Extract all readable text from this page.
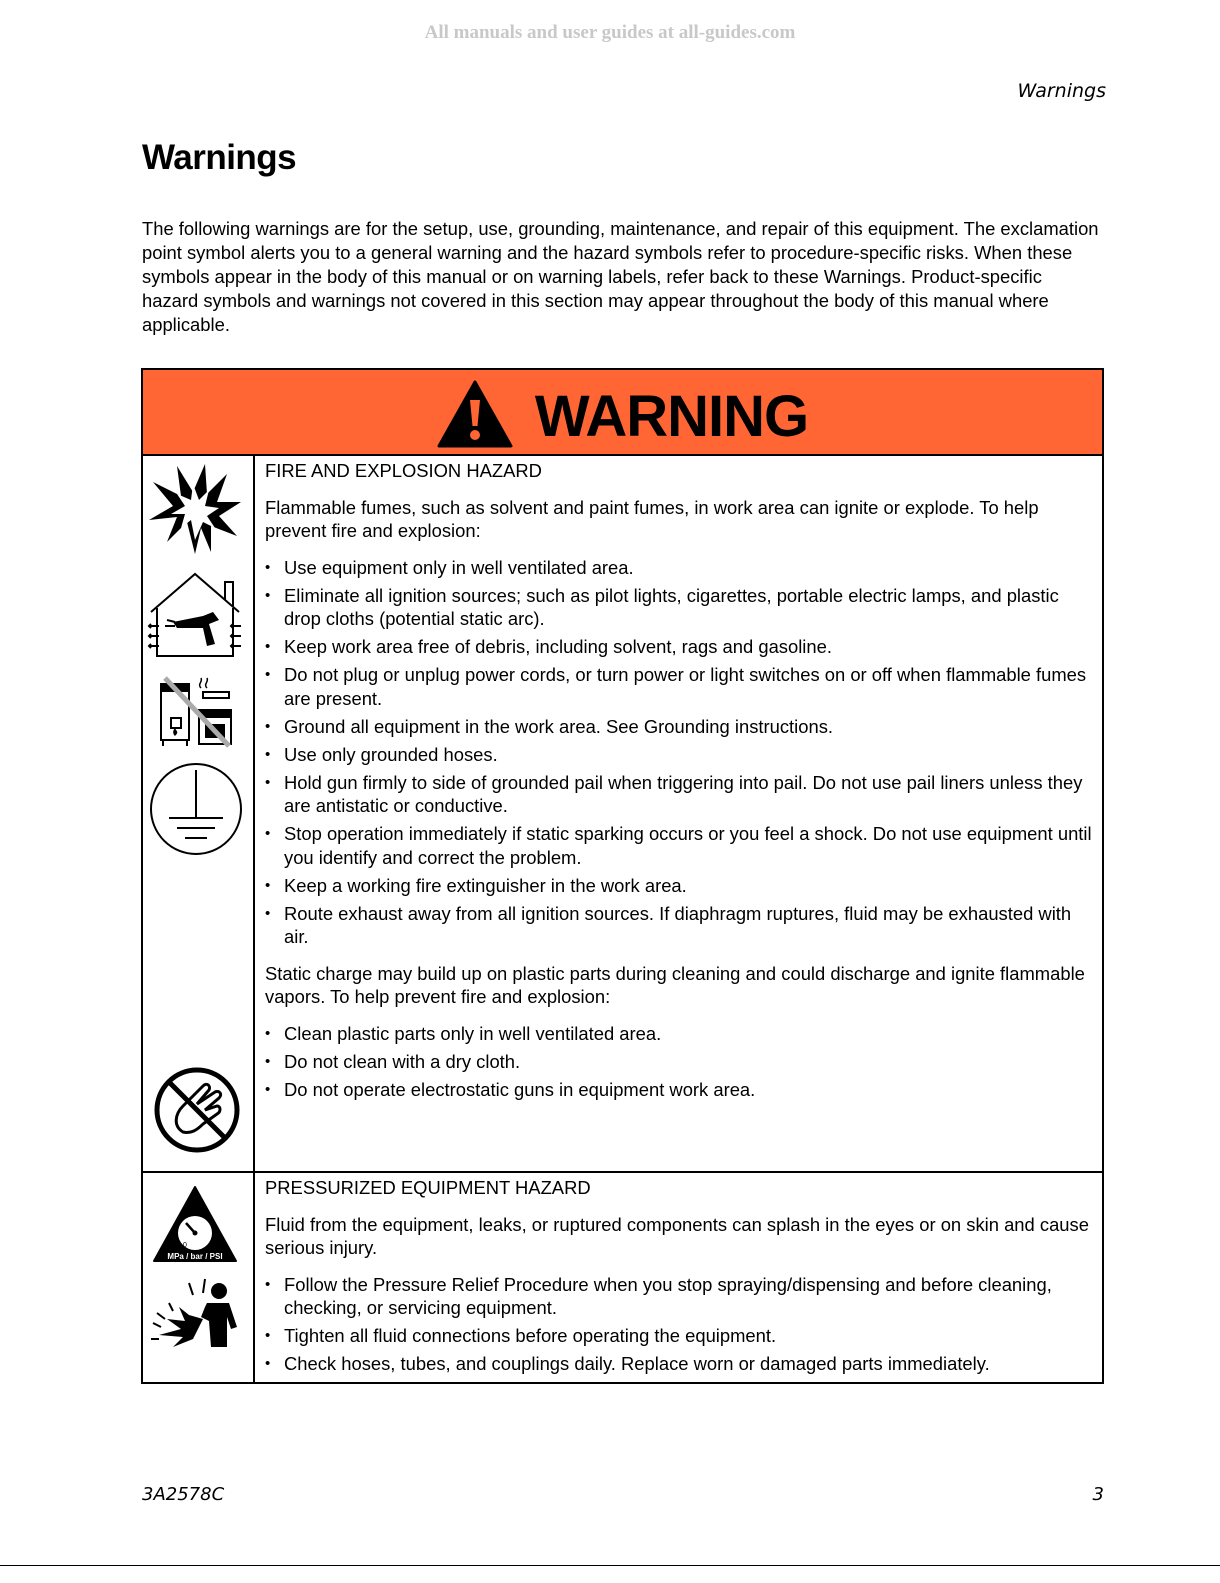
All manuals and user guides at all-guides.com
Warnings
Warnings

The following warnings are for the setup, use, grounding, maintenance, and repair of this equipment. The exclamation point symbol alerts you to a general warning and the hazard symbols refer to procedure-specific risks. When these symbols appear in the body of this manual or on warning labels, refer back to these Warnings. Product-specific hazard symbols and warnings not covered in this section may appear throughout the body of this manual where applicable.

WARNING
FIRE AND EXPLOSION HAZARD

Flammable fumes, such as solvent and paint fumes, in work area can ignite or explode. To help prevent fire and explosion:

• Use equipment only in well ventilated area.
• Eliminate all ignition sources; such as pilot lights, cigarettes, portable electric lamps, and plastic drop cloths (potential static arc).
• Keep work area free of debris, including solvent, rags and gasoline.
• Do not plug or unplug power cords, or turn power or light switches on or off when flammable fumes are present.
• Ground all equipment in the work area. See Grounding instructions.
• Use only grounded hoses.
• Hold gun firmly to side of grounded pail when triggering into pail. Do not use pail liners unless they are antistatic or conductive.
• Stop operation immediately if static sparking occurs or you feel a shock. Do not use equipment until you identify and correct the problem.
• Keep a working fire extinguisher in the work area.
• Route exhaust away from all ignition sources. If diaphragm ruptures, fluid may be exhausted with air.

Static charge may build up on plastic parts during cleaning and could discharge and ignite flammable vapors. To help prevent fire and explosion:

• Clean plastic parts only in well ventilated area.
• Do not clean with a dry cloth.
• Do not operate electrostatic guns in equipment work area.
0
MPa / bar / PSI
PRESSURIZED EQUIPMENT HAZARD

Fluid from the equipment, leaks, or ruptured components can splash in the eyes or on skin and cause serious injury.

• Follow the Pressure Relief Procedure when you stop spraying/dispensing and before cleaning, checking, or servicing equipment.
• Tighten all fluid connections before operating the equipment.
• Check hoses, tubes, and couplings daily. Replace worn or damaged parts immediately.
3A2578C	3
